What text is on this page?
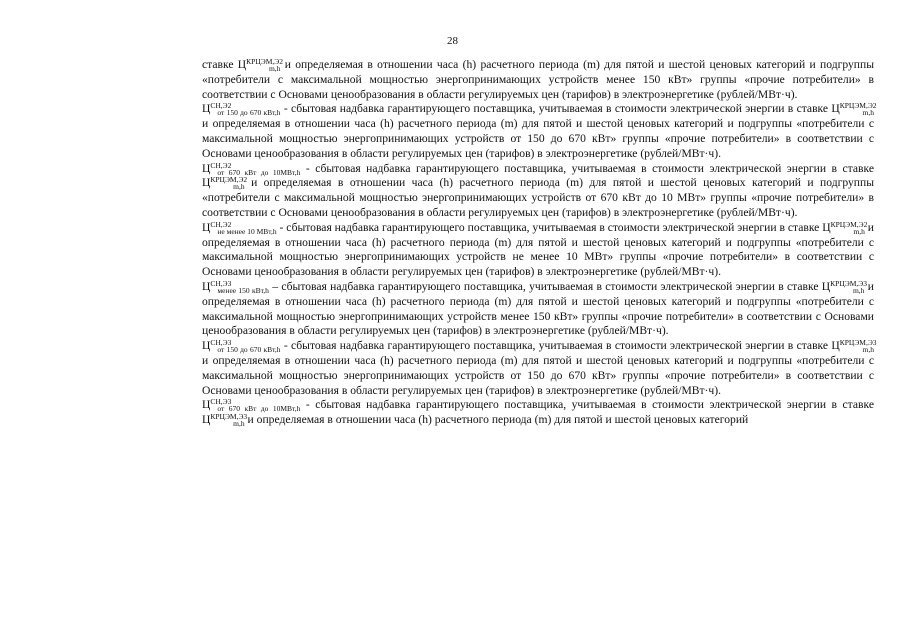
28

ставке $Ц^{КРЦЭМ,Э2}_{m,h}$ и определяемая в отношении часа (h) расчетного периода (m) для пятой и шестой ценовых категорий и подгруппы «потребители с максимальной мощностью энергопринимающих устройств менее 150 кВт» группы «прочие потребители» в соответствии с Основами ценообразования в области регулируемых цен (тарифов) в электроэнергетике (рублей/МВт·ч).

$Ц^{СН,Э2}_{от 150 до 670 кВт,h}$ - сбытовая надбавка гарантирующего поставщика, учитываемая в стоимости электрической энергии в ставке $Ц^{КРЦЭМ,Э2}_{m,h}$ и определяемая в отношении часа (h) расчетного периода (m) для пятой и шестой ценовых категорий и подгруппы «потребители с максимальной мощностью энергопринимающих устройств от 150 до 670 кВт» группы «прочие потребители» в соответствии с Основами ценообразования в области регулируемых цен (тарифов) в электроэнергетике (рублей/МВт·ч).

$Ц^{СН,Э2}_{от 670 кВт до 10МВт,h}$ - сбытовая надбавка гарантирующего поставщика, учитываемая в стоимости электрической энергии в ставке $Ц^{КРЦЭМ,Э2}_{m,h}$ и определяемая в отношении часа (h) расчетного периода (m) для пятой и шестой ценовых категорий и подгруппы «потребители с максимальной мощностью энергопринимающих устройств от 670 кВт до 10 МВт» группы «прочие потребители» в соответствии с Основами ценообразования в области регулируемых цен (тарифов) в электроэнергетике (рублей/МВт·ч).

$Ц^{СН,Э2}_{не менее 10 МВт,h}$ - сбытовая надбавка гарантирующего поставщика, учитываемая в стоимости электрической энергии в ставке $Ц^{КРЦЭМ,Э2}_{m,h}$ и определяемая в отношении часа (h) расчетного периода (m) для пятой и шестой ценовых категорий и подгруппы «потребители с максимальной мощностью энергопринимающих устройств не менее 10 МВт» группы «прочие потребители» в соответствии с Основами ценообразования в области регулируемых цен (тарифов) в электроэнергетике (рублей/МВт·ч).

$Ц^{СН,Э3}_{менее 150 кВт,h}$ – сбытовая надбавка гарантирующего поставщика, учитываемая в стоимости электрической энергии в ставке $Ц^{КРЦЭМ,Э3}_{m,h}$ и определяемая в отношении часа (h) расчетного периода (m) для пятой и шестой ценовых категорий и подгруппы «потребители с максимальной мощностью энергопринимающих устройств менее 150 кВт» группы «прочие потребители» в соответствии с Основами ценообразования в области регулируемых цен (тарифов) в электроэнергетике (рублей/МВт·ч).

$Ц^{СН,Э3}_{от 150 до 670 кВт,h}$ - сбытовая надбавка гарантирующего поставщика, учитываемая в стоимости электрической энергии в ставке $Ц^{КРЦЭМ,Э3}_{m,h}$ и определяемая в отношении часа (h) расчетного периода (m) для пятой и шестой ценовых категорий и подгруппы «потребители с максимальной мощностью энергопринимающих устройств от 150 до 670 кВт» группы «прочие потребители» в соответствии с Основами ценообразования в области регулируемых цен (тарифов) в электроэнергетике (рублей/МВт·ч).

$Ц^{СН,Э3}_{от 670 кВт до 10МВт,h}$ - сбытовая надбавка гарантирующего поставщика, учитываемая в стоимости электрической энергии в ставке $Ц^{КРЦЭМ,Э3}_{m,h}$ и определяемая в отношении часа (h) расчетного периода (m) для пятой и шестой ценовых категорий
